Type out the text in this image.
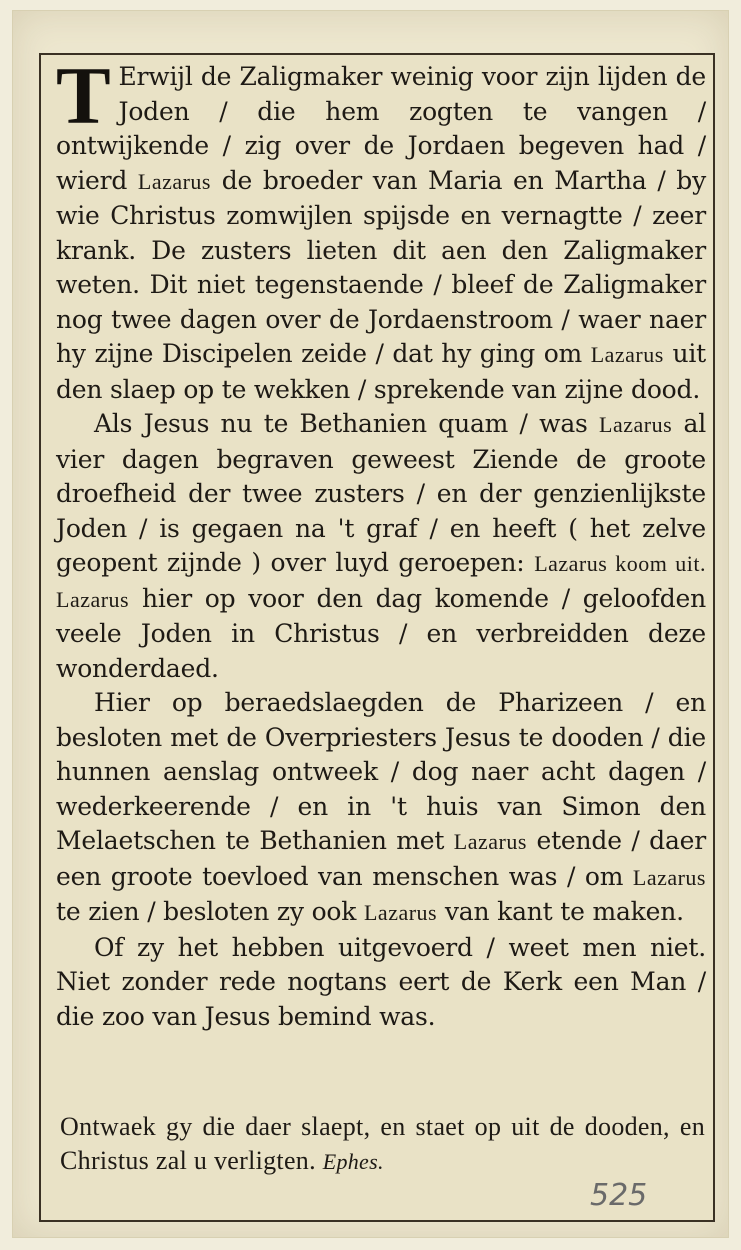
T Erwijl de Zaligmaker weinig voor zijn lijden de Joden / die hem zogten te vangen / ontwijkende / zig over de Jordaen begeven had / wierd Lazarus de broeder van Maria en Martha / by wie Christus zomwijlen spijsde en vernagtte / zeer krank. De zusters lieten dit aen den Zaligmaker weten. Dit niet tegenstaende / bleef de Zaligmaker nog twee dagen over de Jordaenstroom / waer naer hy zijne Discipelen zeide / dat hy ging om Lazarus uit den slaep op te wekken / sprekende van zijne dood.

Als Jesus nu te Bethanien quam / was Lazarus al vier dagen begraven geweest Ziende de groote droefheid der twee zusters / en der genzienlijkste Joden / is gegaen na 't graf / en heeft ( het zelve geopent zijnde ) over luyd geroepen: Lazarus koom uit. Lazarus hier op voor den dag komende / geloofden veele Joden in Christus / en verbreidden deze wonderdaed.

Hier op beraedslaegden de Pharizeen / en besloten met de Overpriesters Jesus te dooden / die hunnen aenslag ontweek / dog naer acht dagen / wederkeerende / en in 't huis van Simon den Melaetschen te Bethanien met Lazarus etende / daer een groote toevloed van menschen was / om Lazarus te zien / besloten zy ook Lazarus van kant te maken.

Of zy het hebben uitgevoerd / weet men niet. Niet zonder rede nogtans eert de Kerk een Man / die zoo van Jesus bemind was.

Ontwaek gy die daer slaept, en staet op uit de dooden, en Christus zal u verligten. Ephes.
525
